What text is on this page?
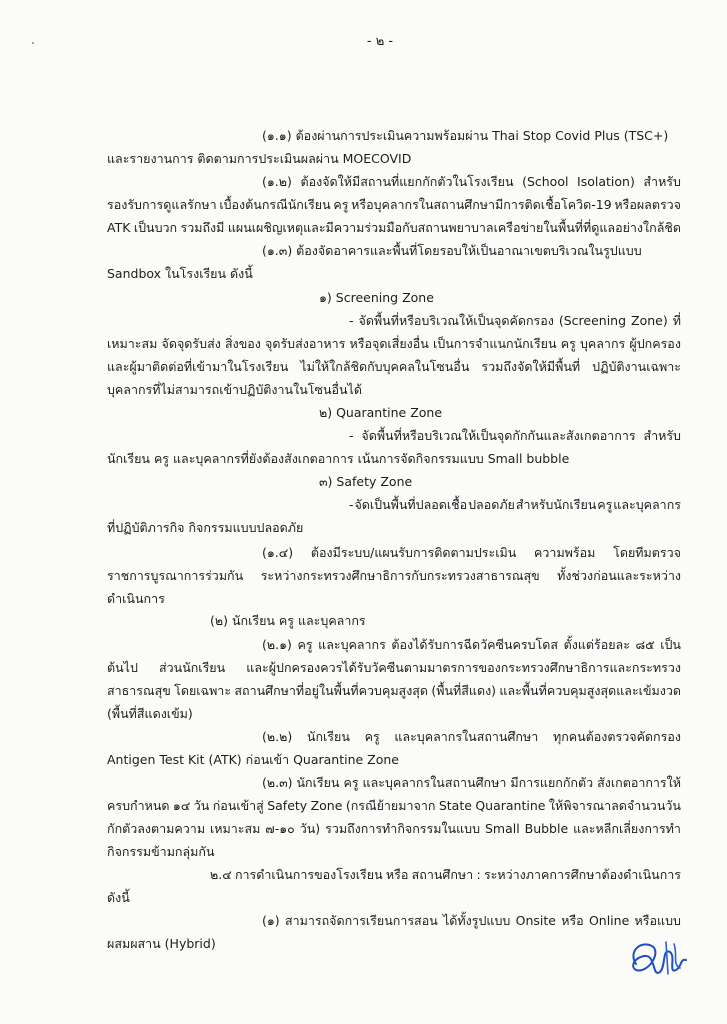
- ๒ -
(๑.๑) ต้องผ่านการประเมินความพร้อมผ่าน Thai Stop Covid Plus (TSC+)
และรายงานการ ติดตามการประเมินผลผ่าน MOECOVID
(๑.๒) ต้องจัดให้มีสถานที่แยกกักตัวในโรงเรียน (School Isolation) สำหรับ
รองรับการดูแลรักษา เบื้องต้นกรณีนักเรียน ครู หรือบุคลากรในสถานศึกษามีการติดเชื้อโควิด-19 หรือผลตรวจ
ATK เป็นบวก รวมถึงมี แผนเผชิญเหตุและมีความร่วมมือกับสถานพยาบาลเครือข่ายในพื้นที่ที่ดูแลอย่างใกล้ชิด
(๑.๓) ต้องจัดอาคารและพื้นที่โดยรอบให้เป็นอาณาเขตบริเวณในรูปแบบ
Sandbox ในโรงเรียน ดังนี้
๑) Screening Zone
- จัดพื้นที่หรือบริเวณให้เป็นจุดคัดกรอง (Screening Zone) ที่
เหมาะสม จัดจุดรับส่ง สิ่งของ จุดรับส่งอาหาร หรือจุดเสี่ยงอื่น เป็นการจำแนกนักเรียน ครู บุคลากร ผู้ปกครอง
และผู้มาติดต่อที่เข้ามาในโรงเรียน ไม่ให้ใกล้ชิดกับบุคคลในโซนอื่น รวมถึงจัดให้มีพื้นที่ ปฏิบัติงานเฉพาะ
บุคลากรที่ไม่สามารถเข้าปฏิบัติงานในโซนอื่นได้
๒) Quarantine Zone
- จัดพื้นที่หรือบริเวณให้เป็นจุดกักกันและสังเกตอาการ สำหรับ
นักเรียน ครู และบุคลากรที่ยังต้องสังเกตอาการ เน้นการจัดกิจกรรมแบบ Small bubble
๓) Safety Zone
- จัดเป็นพื้นที่ปลอดเชื้อ ปลอดภัย สำหรับนักเรียน ครู และบุคลากร
ที่ปฏิบัติภารกิจ กิจกรรมแบบปลอดภัย
(๑.๔) ต้องมีระบบ/แผนรับการติดตามประเมิน ความพร้อม โดยทีมตรวจ
ราชการบูรณาการร่วมกัน ระหว่างกระทรวงศึกษาธิการกับกระทรวงสาธารณสุข ทั้งช่วงก่อนและระหว่าง
ดำเนินการ
(๒) นักเรียน ครู และบุคลากร
(๒.๑) ครู และบุคลากร ต้องได้รับการฉีดวัคซีนครบโดส ตั้งแต่ร้อยละ ๘๕ เป็น
ต้นไป ส่วนนักเรียน และผู้ปกครองควรได้รับวัคซีนตามมาตรการของกระทรวงศึกษาธิการและกระทรวง
สาธารณสุข โดยเฉพาะ สถานศึกษาที่อยู่ในพื้นที่ควบคุมสูงสุด (พื้นที่สีแดง) และพื้นที่ควบคุมสูงสุดและเข้มงวด
(พื้นที่สีแดงเข้ม)
(๒.๒) นักเรียน ครู และบุคลากรในสถานศึกษา ทุกคนต้องตรวจคัดกรอง
Antigen Test Kit (ATK) ก่อนเข้า Quarantine Zone
(๒.๓) นักเรียน ครู และบุคลากรในสถานศึกษา มีการแยกกักตัว สังเกตอาการให้
ครบกำหนด ๑๔ วัน ก่อนเข้าสู่ Safety Zone (กรณีย้ายมาจาก State Quarantine ให้พิจารณาลดจำนวนวัน
กักตัวลงตามความ เหมาะสม ๗-๑๐ วัน) รวมถึงการทำกิจกรรมในแบบ Small Bubble และหลีกเลี่ยงการทำ
กิจกรรมข้ามกลุ่มกัน
๒.๔ การดำเนินการของโรงเรียน หรือ สถานศึกษา : ระหว่างภาคการศึกษาต้องดำเนินการ
ดังนี้
(๑) สามารถจัดการเรียนการสอน ได้ทั้งรูปแบบ Onsite หรือ Online หรือแบบ
ผสมผสาน (Hybrid)
